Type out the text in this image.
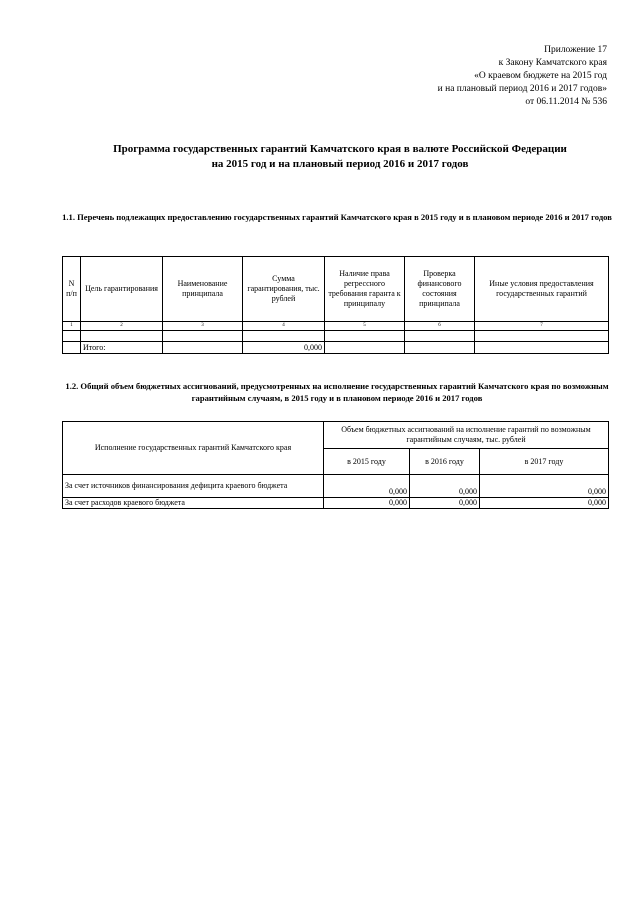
Приложение 17
к Закону Камчатского края
«О краевом бюджете на 2015 год
и на плановый период 2016 и 2017 годов»
от 06.11.2014 № 536
Программа государственных гарантий Камчатского края в валюте Российской Федерации
на 2015 год и на плановый период 2016 и 2017 годов
1.1. Перечень подлежащих предоставлению государственных гарантий Камчатского края в 2015 году и в плановом периоде 2016 и 2017 годов
N п/п	Цель гарантирования	Наименование принципала	Сумма гарантирования, тыс. рублей	Наличие права регрессного требования гаранта к принципалу	Проверка финансового состояния принципала	Иные условия предоставления государственных гарантий
1	2	3	4	5	6	7

	Итого:		0,000			
1.2. Общий объем бюджетных ассигнований, предусмотренных на исполнение государственных гарантий Камчатского края по возможным гарантийным случаям, в 2015 году и в плановом периоде 2016 и 2017 годов
Исполнение государственных гарантий Камчатского края	Объем бюджетных ассигнований на исполнение гарантий по возможным гарантийным случаям, тыс. рублей		
	в 2015 году	в 2016 году	в 2017 году
За счет источников финансирования дефицита краевого бюджета	0,000	0,000	0,000
За счет расходов краевого бюджета	0,000	0,000	0,000
